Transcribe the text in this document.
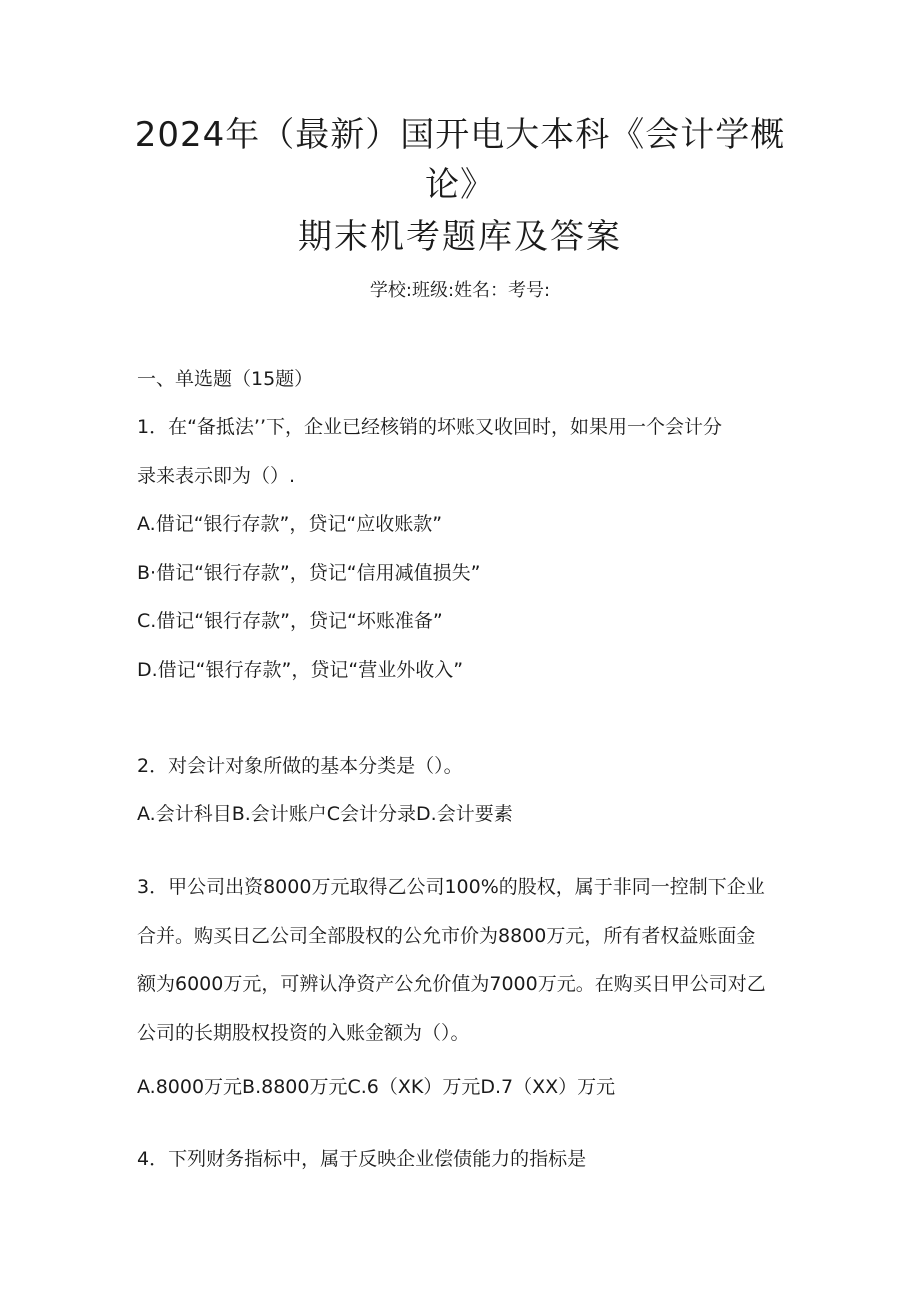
2024年（最新）国开电大本科《会计学概
论》
期末机考题库及答案
学校:班级:姓名：考号:
一、单选题（15题）
1．在“备抵法’’下，企业已经核销的坏账又收回时，如果用一个会计分
录来表示即为（）.
A.借记“银行存款”，贷记“应收账款”
B·借记“银行存款”，贷记“信用减值损失”
C.借记“银行存款”，贷记“坏账准备”
D.借记“银行存款”，贷记“营业外收入”
2．对会计对象所做的基本分类是（）。
A.会计科目B.会计账户C会计分录D.会计要素
3．甲公司出资8000万元取得乙公司100%的股权，属于非同一控制下企业
合并。购买日乙公司全部股权的公允市价为8800万元，所有者权益账面金
额为6000万元，可辨认净资产公允价值为7000万元。在购买日甲公司对乙
公司的长期股权投资的入账金额为（）。
A.8000万元B.8800万元C.6（XK）万元D.7（XX）万元
4．下列财务指标中，属于反映企业偿债能力的指标是
